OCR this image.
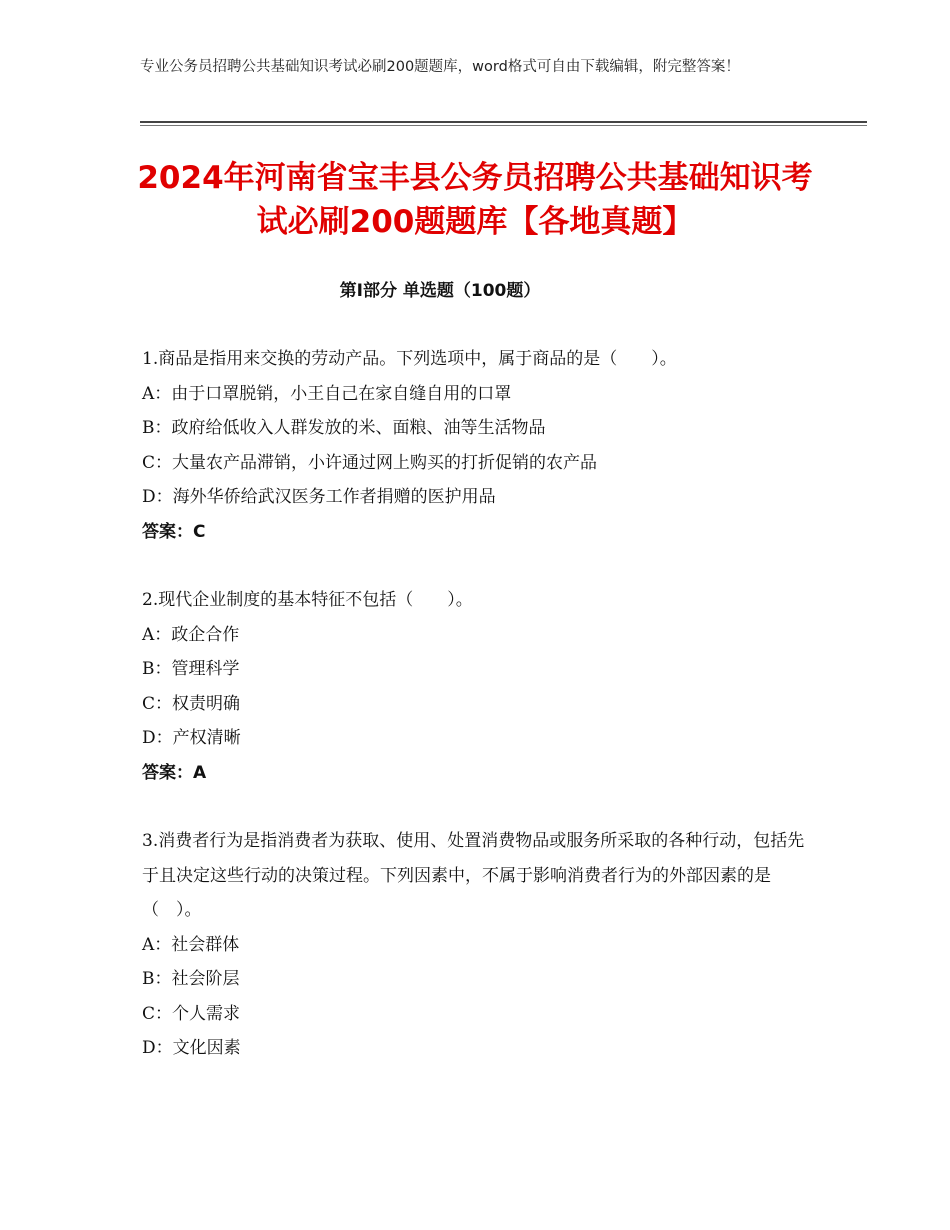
专业公务员招聘公共基础知识考试必刷200题题库，word格式可自由下载编辑，附完整答案！
2024年河南省宝丰县公务员招聘公共基础知识考试必刷200题题库【各地真题】
第Ⅰ部分 单选题（100题）

1.商品是指用来交换的劳动产品。下列选项中，属于商品的是（　　）。

A：由于口罩脱销，小王自己在家自缝自用的口罩

B：政府给低收入人群发放的米、面粮、油等生活物品

C：大量农产品滞销，小许通过网上购买的打折促销的农产品

D：海外华侨给武汉医务工作者捐赠的医护用品

答案：C

2.现代企业制度的基本特征不包括（　　）。

A：政企合作

B：管理科学

C：权责明确

D：产权清晰

答案：A

3.消费者行为是指消费者为获取、使用、处置消费物品或服务所采取的各种行动，包括先于且决定这些行动的决策过程。下列因素中，不属于影响消费者行为的外部因素的是（　）。

A：社会群体

B：社会阶层

C：个人需求

D：文化因素
